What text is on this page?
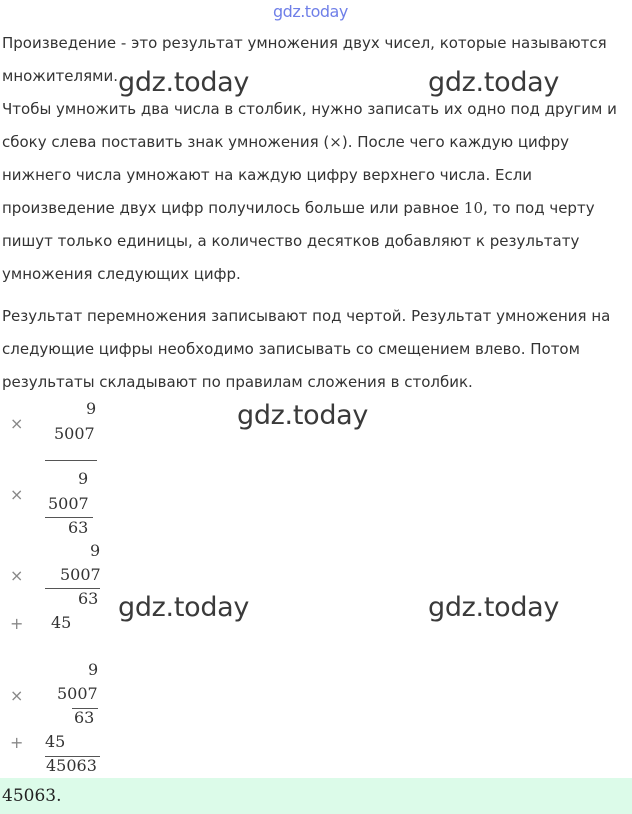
gdz.today
Произведение - это результат умножения двух чисел, которые называются
множителями.
Чтобы умножить два числа в столбик, нужно записать их одно под другим и
сбоку слева поставить знак умножения (×). После чего каждую цифру
нижнего числа умножают на каждую цифру верхнего числа. Если
произведение двух цифр получилось больше или равное 10, то под черту
пишут только единицы, а количество десятков добавляют к результату
умножения следующих цифр.
Результат перемножения записывают под чертой. Результат умножения на
следующие цифры необходимо записывать со смещением влево. Потом
результаты складывают по правилам сложения в столбик.
gdz.today	gdz.today
gdz.today
gdz.today	gdz.today
×
9
5007
9
× 5007
63
9
× 5007
63
+ 45
9
× 5007
63
+ 45
45063
45063.
